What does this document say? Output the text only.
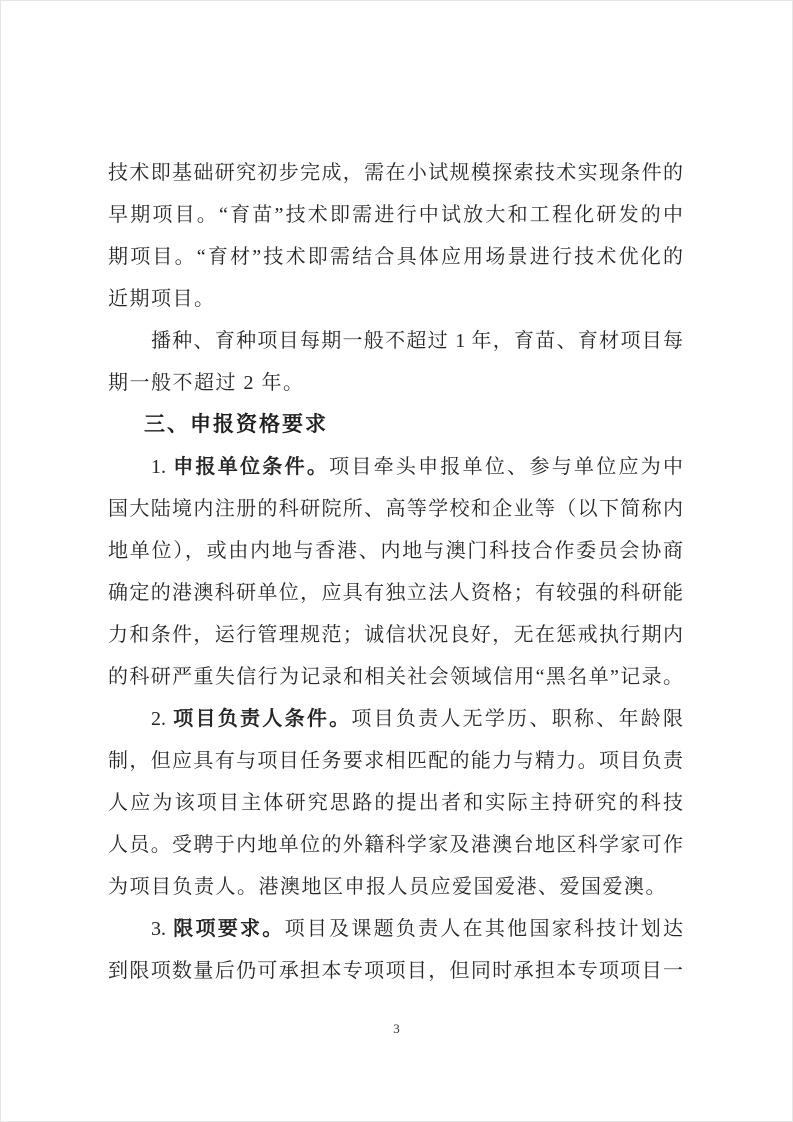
技术即基础研究初步完成，需在小试规模探索技术实现条件的
早期项目。“育苗”技术即需进行中试放大和工程化研发的中
期项目。“育材”技术即需结合具体应用场景进行技术优化的
近期项目。
播种、育种项目每期一般不超过 1 年，育苗、育材项目每
期一般不超过 2 年。
三、申报资格要求
1. 申报单位条件。项目牵头申报单位、参与单位应为中
国大陆境内注册的科研院所、高等学校和企业等（以下简称内
地单位），或由内地与香港、内地与澳门科技合作委员会协商
确定的港澳科研单位，应具有独立法人资格；有较强的科研能
力和条件，运行管理规范；诚信状况良好，无在惩戒执行期内
的科研严重失信行为记录和相关社会领域信用“黑名单”记录。
2. 项目负责人条件。项目负责人无学历、职称、年龄限
制，但应具有与项目任务要求相匹配的能力与精力。项目负责
人应为该项目主体研究思路的提出者和实际主持研究的科技
人员。受聘于内地单位的外籍科学家及港澳台地区科学家可作
为项目负责人。港澳地区申报人员应爱国爱港、爱国爱澳。
3. 限项要求。项目及课题负责人在其他国家科技计划达
到限项数量后仍可承担本专项项目，但同时承担本专项项目一
3
